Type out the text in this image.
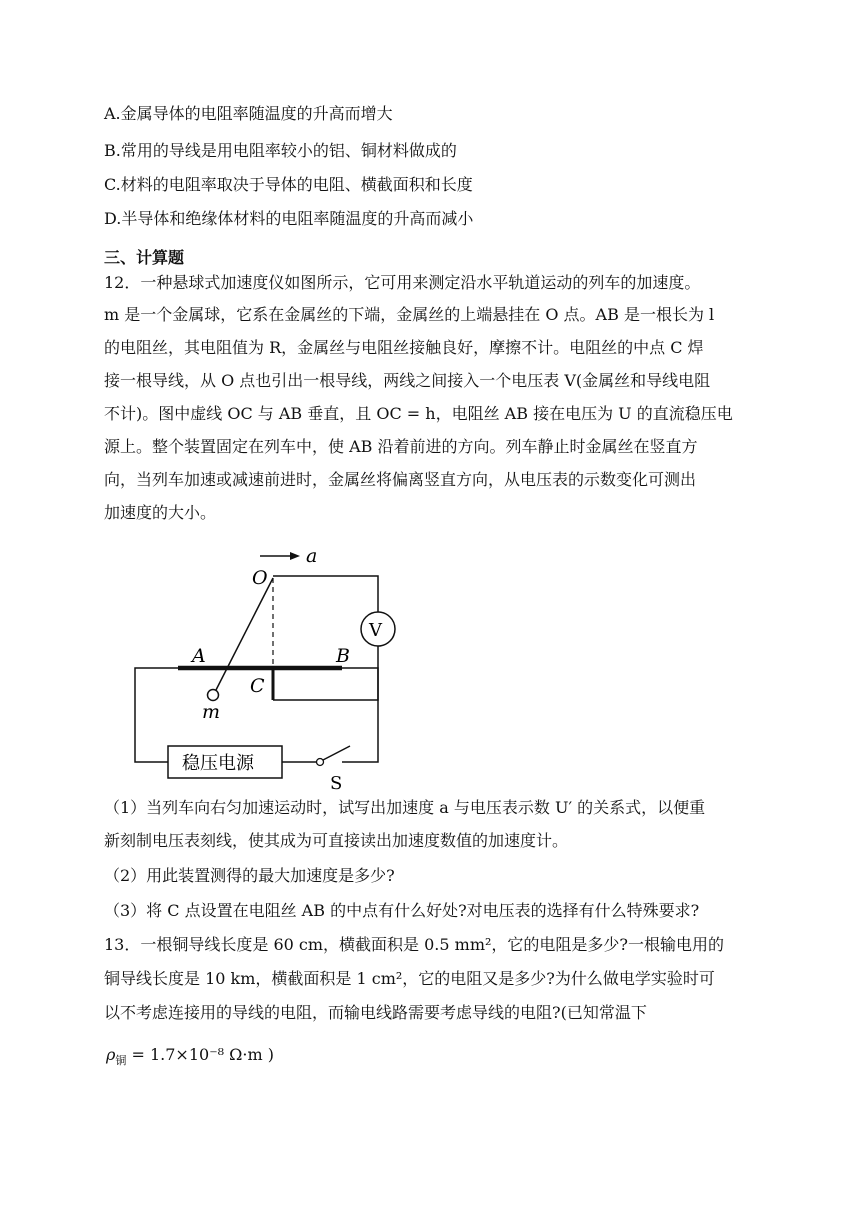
A.金属导体的电阻率随温度的升高而增大
B.常用的导线是用电阻率较小的铝、铜材料做成的
C.材料的电阻率取决于导体的电阻、横截面积和长度
D.半导体和绝缘体材料的电阻率随温度的升高而减小
三、计算题
12．一种悬球式加速度仪如图所示，它可用来测定沿水平轨道运动的列车的加速度。
m 是一个金属球，它系在金属丝的下端，金属丝的上端悬挂在 O 点。AB 是一根长为 l
的电阻丝，其电阻值为 R，金属丝与电阻丝接触良好，摩擦不计。电阻丝的中点 C 焊
接一根导线，从 O 点也引出一根导线，两线之间接入一个电压表 V(金属丝和导线电阻
不计)。图中虚线 OC 与 AB 垂直，且 OC = h，电阻丝 AB 接在电压为 U 的直流稳压电
源上。整个装置固定在列车中，使 AB 沿着前进的方向。列车静止时金属丝在竖直方
向，当列车加速或减速前进时，金属丝将偏离竖直方向，从电压表的示数变化可测出
加速度的大小。
a
O
V
稳压电源
S
A	B
C
m
（1）当列车向右匀加速运动时，试写出加速度 a 与电压表示数 U′ 的关系式，以便重
新刻制电压表刻线，使其成为可直接读出加速度数值的加速度计。
（2）用此装置测得的最大加速度是多少?
（3）将 C 点设置在电阻丝 AB 的中点有什么好处?对电压表的选择有什么特殊要求?
13．一根铜导线长度是 60 cm，横截面积是 0.5 mm²，它的电阻是多少?一根输电用的
铜导线长度是 10 km，横截面积是 1 cm²，它的电阻又是多少?为什么做电学实验时可
以不考虑连接用的导线的电阻，而输电线路需要考虑导线的电阻?(已知常温下
$\rho_铜 = 1.7\times 10^{-8}$ Ω·m )
